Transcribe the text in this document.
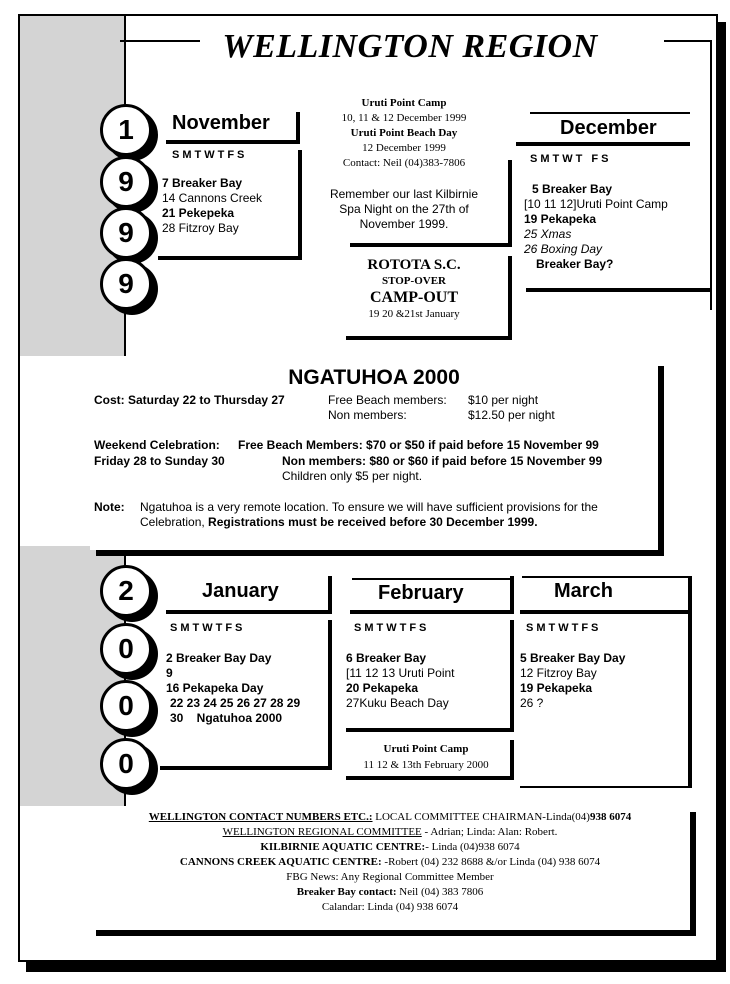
WELLINGTON REGION
1
9
9
9
November
SMTWTFS
7 Breaker Bay
14 Cannons Creek
21 Pekepeka
28 Fitzroy Bay
Uruti Point Camp
10, 11 & 12 December 1999
Uruti Point Beach Day
12 December 1999
Contact: Neil (04)383-7806
Remember our last Kilbirnie
Spa Night on the 27th of
November 1999.
ROTOTA S.C.
STOP-OVER
CAMP-OUT
19 20 &21st January
December
SMTWT FS
5 Breaker Bay
[10 11 12]Uruti Point Camp
19 Pekapeka
25 Xmas
26 Boxing Day
Breaker Bay?
NGATUHOA 2000
Cost: Saturday 22 to Thursday 27	Free Beach members: $10 per night
Non members:	$12.50 per night
Weekend Celebration: Free Beach Members: $70 or $50 if paid before 15 November 99
Friday 28 to Sunday 30	Non members: $80 or $60 if paid before 15 November 99
Children only $5 per night.
Note: Ngatuhoa is a very remote location. To ensure we will have sufficient provisions for the
Celebration, Registrations must be received before 30 December 1999.
2
0
0
0
January
SMTWTFS
2 Breaker Bay Day
9
16 Pekapeka Day
22 23 24 25 26 27 28 29
30    Ngatuhoa 2000
February
SMTWTFS
6 Breaker Bay
[11 12 13 Uruti Point
20 Pekapeka
27Kuku Beach Day
Uruti Point Camp
11 12 & 13th February 2000
March
SMTWTFS
5 Breaker Bay Day
12 Fitzroy Bay
19 Pekapeka
26 ?
WELLINGTON CONTACT NUMBERS ETC.: LOCAL COMMITTEE CHAIRMAN-Linda(04)938 6074
WELLINGTON REGIONAL COMMITTEE - Adrian; Linda: Alan: Robert.
KILBIRNIE AQUATIC CENTRE:- Linda (04)938 6074
CANNONS CREEK AQUATIC CENTRE: -Robert (04) 232 8688 &/or Linda (04) 938 6074
FBG News: Any Regional Committee Member
Breaker Bay contact: Neil (04) 383 7806
Calandar: Linda (04) 938 6074
